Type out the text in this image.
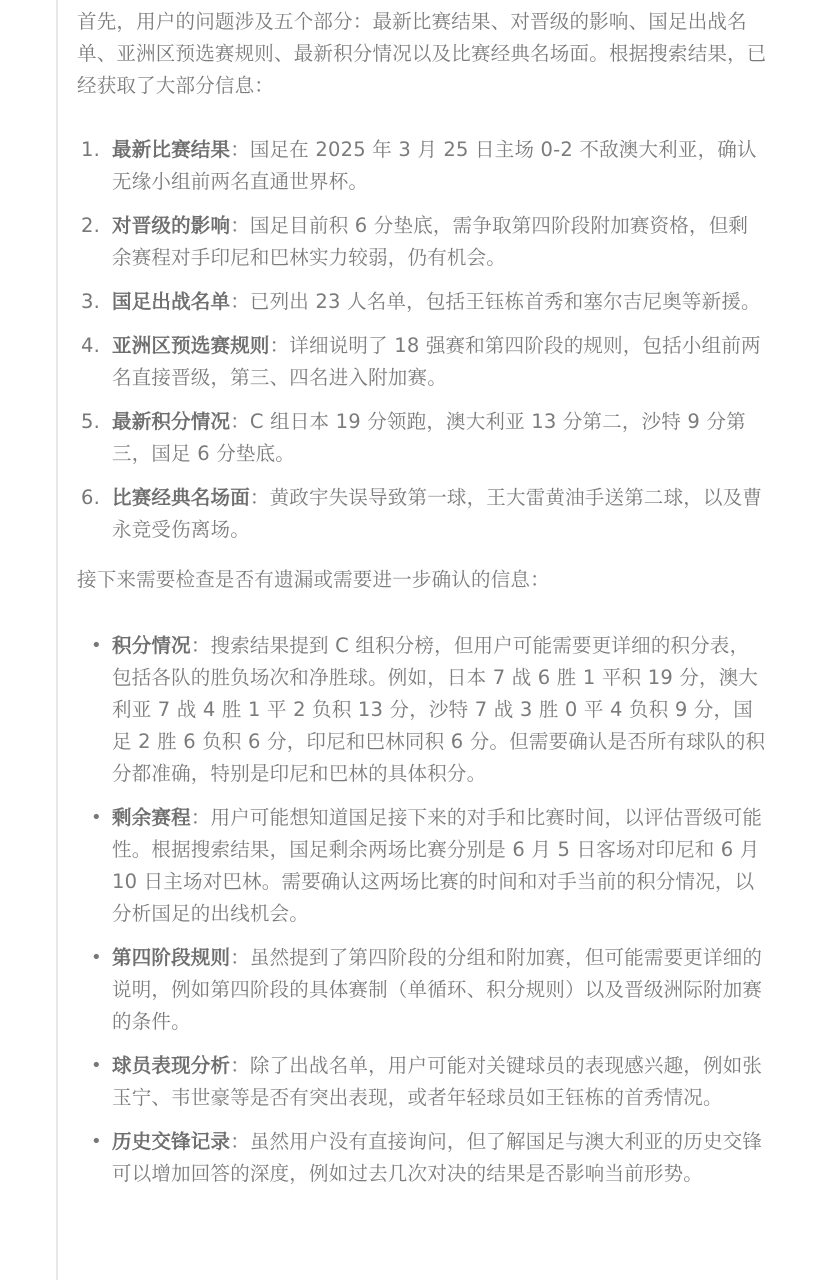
首先，用户的问题涉及五个部分：最新比赛结果、对晋级的影响、国足出战名单、亚洲区预选赛规则、最新积分情况以及比赛经典名场面。根据搜索结果，已经获取了大部分信息：

1. 最新比赛结果：国足在 2025 年 3 月 25 日主场 0-2 不敌澳大利亚，确认无缘小组前两名直通世界杯。
2. 对晋级的影响：国足目前积 6 分垫底，需争取第四阶段附加赛资格，但剩余赛程对手印尼和巴林实力较弱，仍有机会。
3. 国足出战名单：已列出 23 人名单，包括王钰栋首秀和塞尔吉尼奥等新援。
4. 亚洲区预选赛规则：详细说明了 18 强赛和第四阶段的规则，包括小组前两名直接晋级，第三、四名进入附加赛。
5. 最新积分情况：C 组日本 19 分领跑，澳大利亚 13 分第二，沙特 9 分第三，国足 6 分垫底。
6. 比赛经典名场面：黄政宇失误导致第一球，王大雷黄油手送第二球，以及曹永竞受伤离场。

接下来需要检查是否有遗漏或需要进一步确认的信息：

• 积分情况：搜索结果提到 C 组积分榜，但用户可能需要更详细的积分表，包括各队的胜负场次和净胜球。例如，日本 7 战 6 胜 1 平积 19 分，澳大利亚 7 战 4 胜 1 平 2 负积 13 分，沙特 7 战 3 胜 0 平 4 负积 9 分，国足 2 胜 6 负积 6 分，印尼和巴林同积 6 分。但需要确认是否所有球队的积分都准确，特别是印尼和巴林的具体积分。
• 剩余赛程：用户可能想知道国足接下来的对手和比赛时间，以评估晋级可能性。根据搜索结果，国足剩余两场比赛分别是 6 月 5 日客场对印尼和 6 月 10 日主场对巴林。需要确认这两场比赛的时间和对手当前的积分情况，以分析国足的出线机会。
• 第四阶段规则：虽然提到了第四阶段的分组和附加赛，但可能需要更详细的说明，例如第四阶段的具体赛制（单循环、积分规则）以及晋级洲际附加赛的条件。
• 球员表现分析：除了出战名单，用户可能对关键球员的表现感兴趣，例如张玉宁、韦世豪等是否有突出表现，或者年轻球员如王钰栋的首秀情况。
• 历史交锋记录：虽然用户没有直接询问，但了解国足与澳大利亚的历史交锋可以增加回答的深度，例如过去几次对决的结果是否影响当前形势。
